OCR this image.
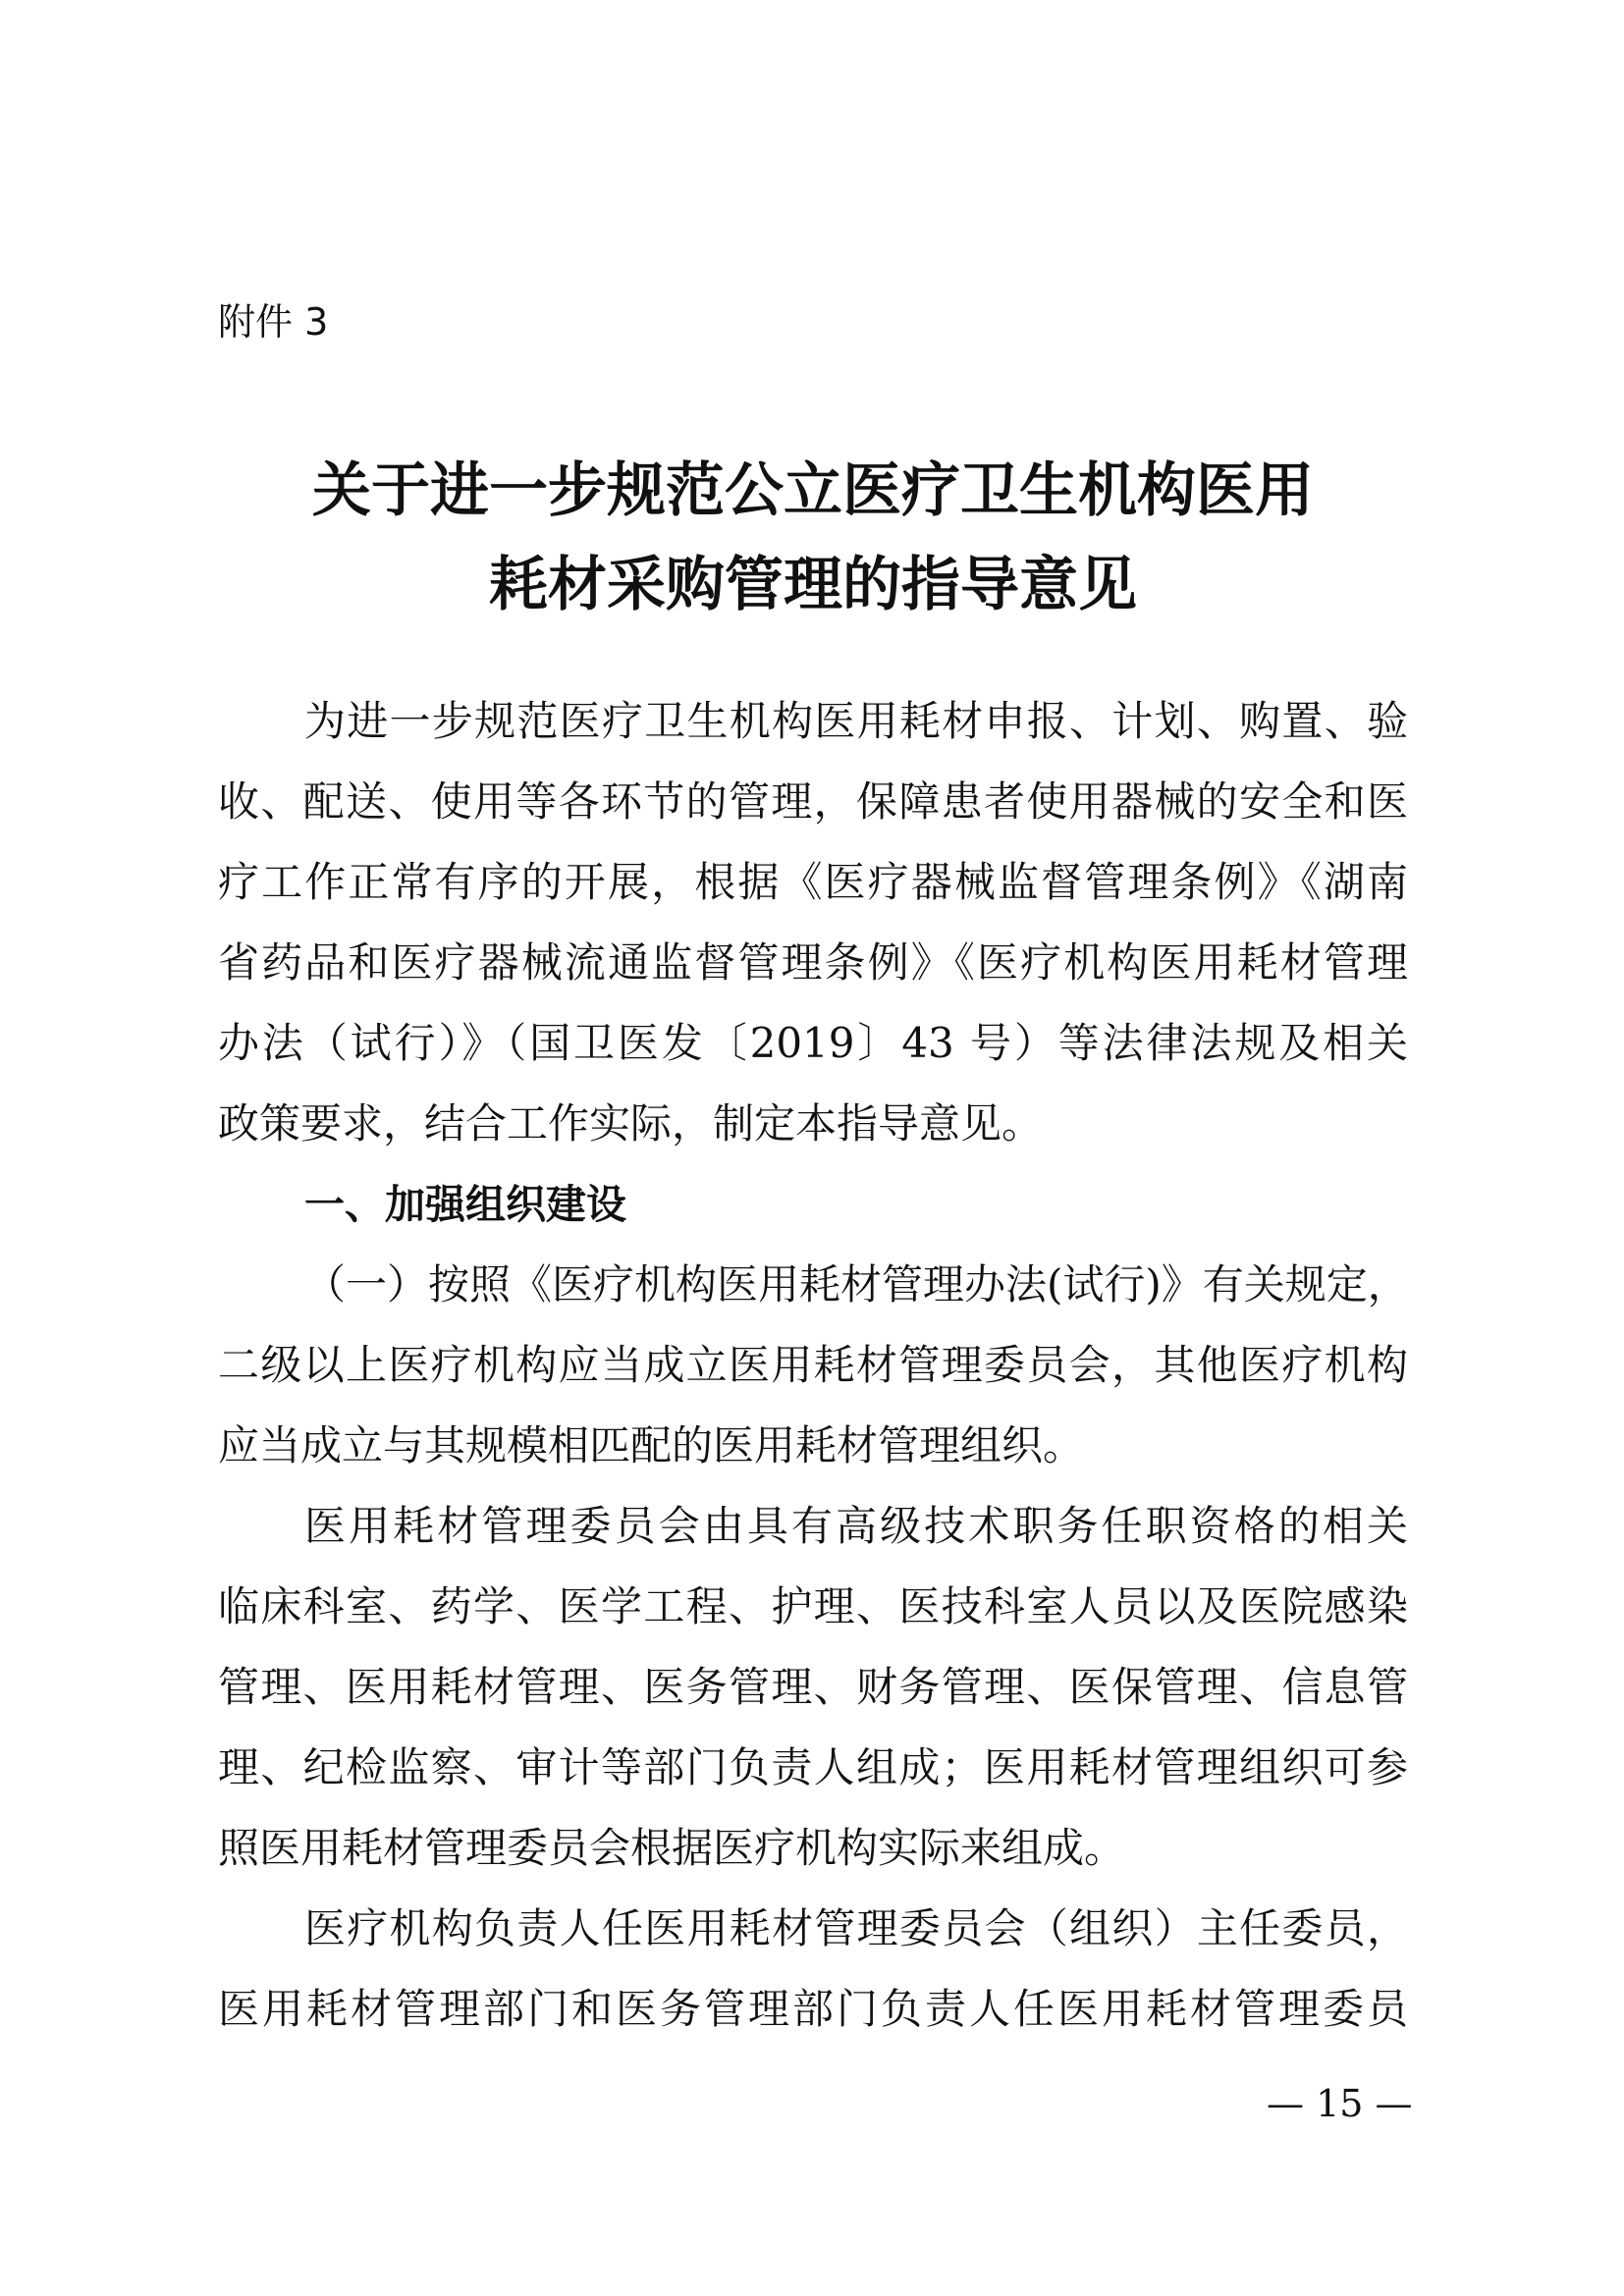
附件 3
关于进一步规范公立医疗卫生机构医用
耗材采购管理的指导意见
为进一步规范医疗卫生机构医用耗材申报、计划、购置、验
收、配送、使用等各环节的管理，保障患者使用器械的安全和医
疗工作正常有序的开展，根据《医疗器械监督管理条例》《湖南
省药品和医疗器械流通监督管理条例》《医疗机构医用耗材管理
办法（试行）》（国卫医发〔2019〕43 号）等法律法规及相关
政策要求，结合工作实际，制定本指导意见。
一、加强组织建设
（一）按照《医疗机构医用耗材管理办法(试行)》有关规定，
二级以上医疗机构应当成立医用耗材管理委员会，其他医疗机构
应当成立与其规模相匹配的医用耗材管理组织。
医用耗材管理委员会由具有高级技术职务任职资格的相关
临床科室、药学、医学工程、护理、医技科室人员以及医院感染
管理、医用耗材管理、医务管理、财务管理、医保管理、信息管
理、纪检监察、审计等部门负责人组成；医用耗材管理组织可参
照医用耗材管理委员会根据医疗机构实际来组成。
医疗机构负责人任医用耗材管理委员会（组织）主任委员，
医用耗材管理部门和医务管理部门负责人任医用耗材管理委员
— 15 —
